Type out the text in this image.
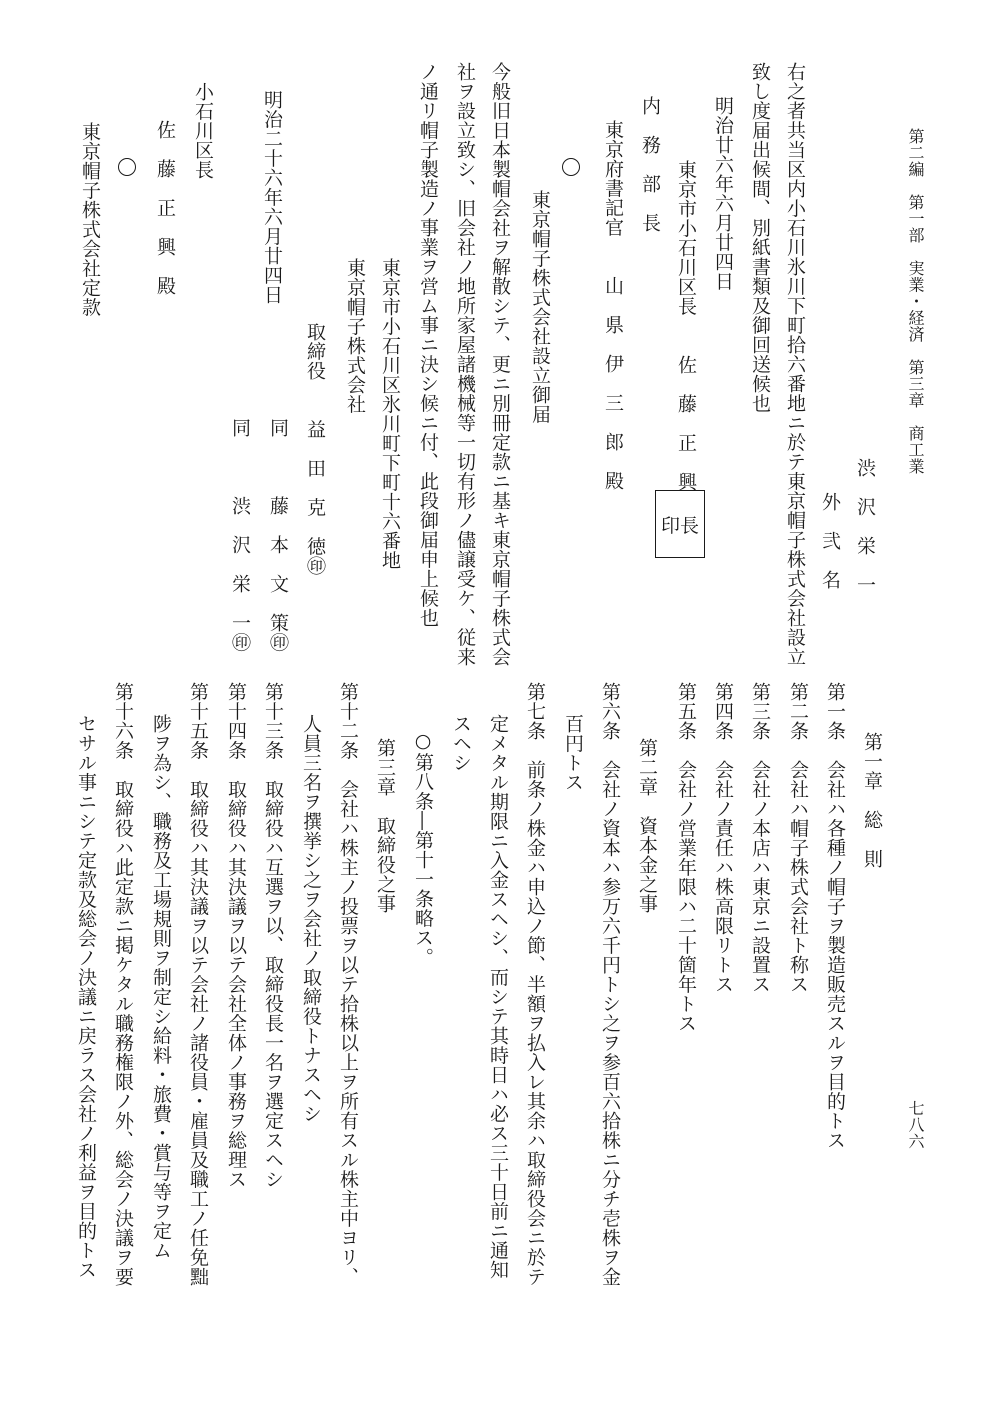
第二編　第一部　実業・経済　第三章　商工業
七八六
渋　沢　栄　一
外　弐　名
右之者共当区内小石川氷川下町拾六番地ニ於テ東京帽子株式会社設立
致し度届出候間、別紙書類及御回送候也
明治廿六年六月廿四日
東京市小石川区長　　佐　藤　正　興
印長
内　務　部　長
東京府書記官　　山　県　伊　三　郎　殿
東京帽子株式会社設立御届
今般旧日本製帽会社ヲ解散シテ、更ニ別冊定款ニ基キ東京帽子株式会
社ヲ設立致シ、旧会社ノ地所家屋諸機械等一切有形ノ儘譲受ケ、従来
ノ通リ帽子製造ノ事業ヲ営ム事ニ決シ候ニ付、此段御届申上候也
東京市小石川区氷川町下町十六番地
東京帽子株式会社
取締役　　益　田　克　徳㊞
同　　　藤　本　文　策㊞
明治二十六年六月廿四日
同　　　渋　沢　栄　一㊞
小石川区長
佐　藤　正　興　殿
東京帽子株式会社定款
第一章　総　則
第一条　会社ハ各種ノ帽子ヲ製造販売スルヲ目的トス
第二条　会社ハ帽子株式会社ト称ス
第三条　会社ノ本店ハ東京ニ設置ス
第四条　会社ノ責任ハ株高限リトス
第五条　会社ノ営業年限ハ二十箇年トス
第二章　資本金之事
第六条　会社ノ資本ハ参万六千円トシ之ヲ参百六拾株ニ分チ壱株ヲ金
百円トス
第七条　前条ノ株金ハ申込ノ節、半額ヲ払入レ其余ハ取締役会ニ於テ
定メタル期限ニ入金スヘシ、而シテ其時日ハ必ス三十日前ニ通知
スヘシ
○第八条―第十一条略ス。
第三章　取締役之事
第十二条　会社ハ株主ノ投票ヲ以テ拾株以上ヲ所有スル株主中ヨリ、
人員三名ヲ撰挙シ之ヲ会社ノ取締役トナスヘシ
第十三条　取締役ハ互選ヲ以、取締役長一名ヲ選定スヘシ
第十四条　取締役ハ其決議ヲ以テ会社全体ノ事務ヲ総理ス
第十五条　取締役ハ其決議ヲ以テ会社ノ諸役員・雇員及職工ノ任免黜
陟ヲ為シ、職務及工場規則ヲ制定シ給料・旅費・賞与等ヲ定ム
第十六条　取締役ハ此定款ニ掲ケタル職務権限ノ外、総会ノ決議ヲ要
セサル事ニシテ定款及総会ノ決議ニ戻ラス会社ノ利益ヲ目的トス
